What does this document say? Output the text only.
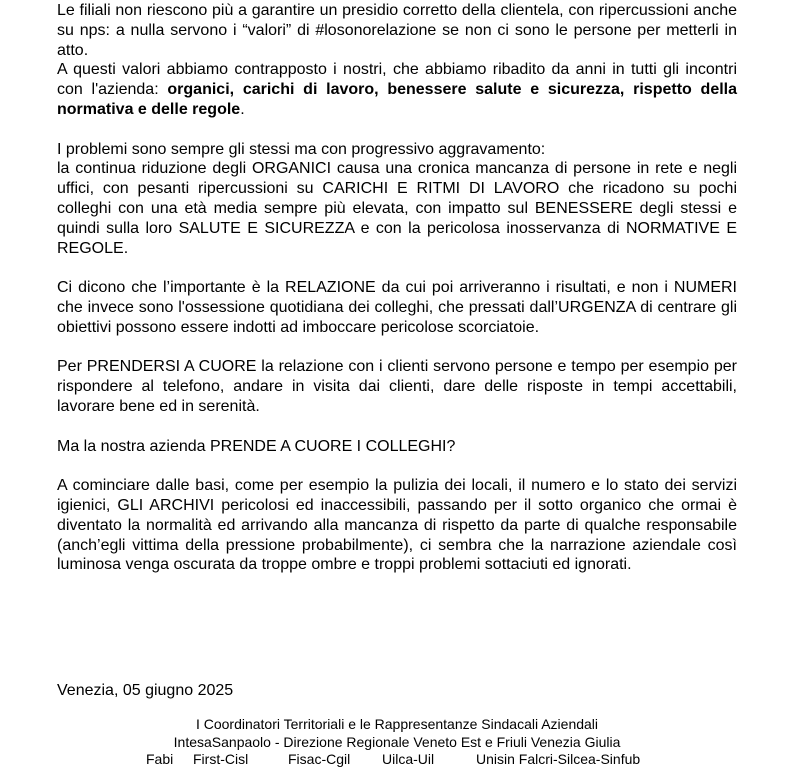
Le filiali non riescono più a garantire un presidio corretto della clientela, con ripercussioni anche su nps: a nulla servono i “valori” di #losonorelazione se non ci sono le persone per metterli in atto.

A questi valori abbiamo contrapposto i nostri, che abbiamo ribadito da anni in tutti gli incontri con l'azienda: organici, carichi di lavoro, benessere salute e sicurezza, rispetto della normativa e delle regole.

I problemi sono sempre gli stessi ma con progressivo aggravamento:

la continua riduzione degli ORGANICI causa una cronica mancanza di persone in rete e negli uffici, con pesanti ripercussioni su CARICHI E RITMI DI LAVORO che ricadono su pochi colleghi con una età media sempre più elevata, con impatto sul BENESSERE degli stessi e quindi sulla loro SALUTE E SICUREZZA e con la pericolosa inosservanza di NORMATIVE E REGOLE.

Ci dicono che l’importante è la RELAZIONE da cui poi arriveranno i risultati, e non i NUMERI che invece sono l'ossessione quotidiana dei colleghi, che pressati dall’URGENZA di centrare gli obiettivi possono essere indotti ad imboccare pericolose scorciatoie.

Per PRENDERSI A CUORE la relazione con i clienti servono persone e tempo per esempio per rispondere al telefono, andare in visita dai clienti, dare delle risposte in tempi accettabili, lavorare bene ed in serenità.

Ma la nostra azienda PRENDE A CUORE I COLLEGHI?

A cominciare dalle basi, come per esempio la pulizia dei locali, il numero e lo stato dei servizi igienici, GLI ARCHIVI pericolosi ed inaccessibili, passando per il sotto organico che ormai è diventato la normalità ed arrivando alla mancanza di rispetto da parte di qualche responsabile (anch’egli vittima della pressione probabilmente), ci sembra che la narrazione aziendale così luminosa venga oscurata da troppe ombre e troppi problemi sottaciuti ed ignorati.

Venezia, 05 giugno 2025
I Coordinatori Territoriali e le Rappresentanze Sindacali Aziendali
IntesaSanpaolo - Direzione Regionale Veneto Est e Friuli Venezia Giulia
Fabi First-Cisl	Fisac-Cgil Uilca-Uil	Unisin Falcri-Silcea-Sinfub
